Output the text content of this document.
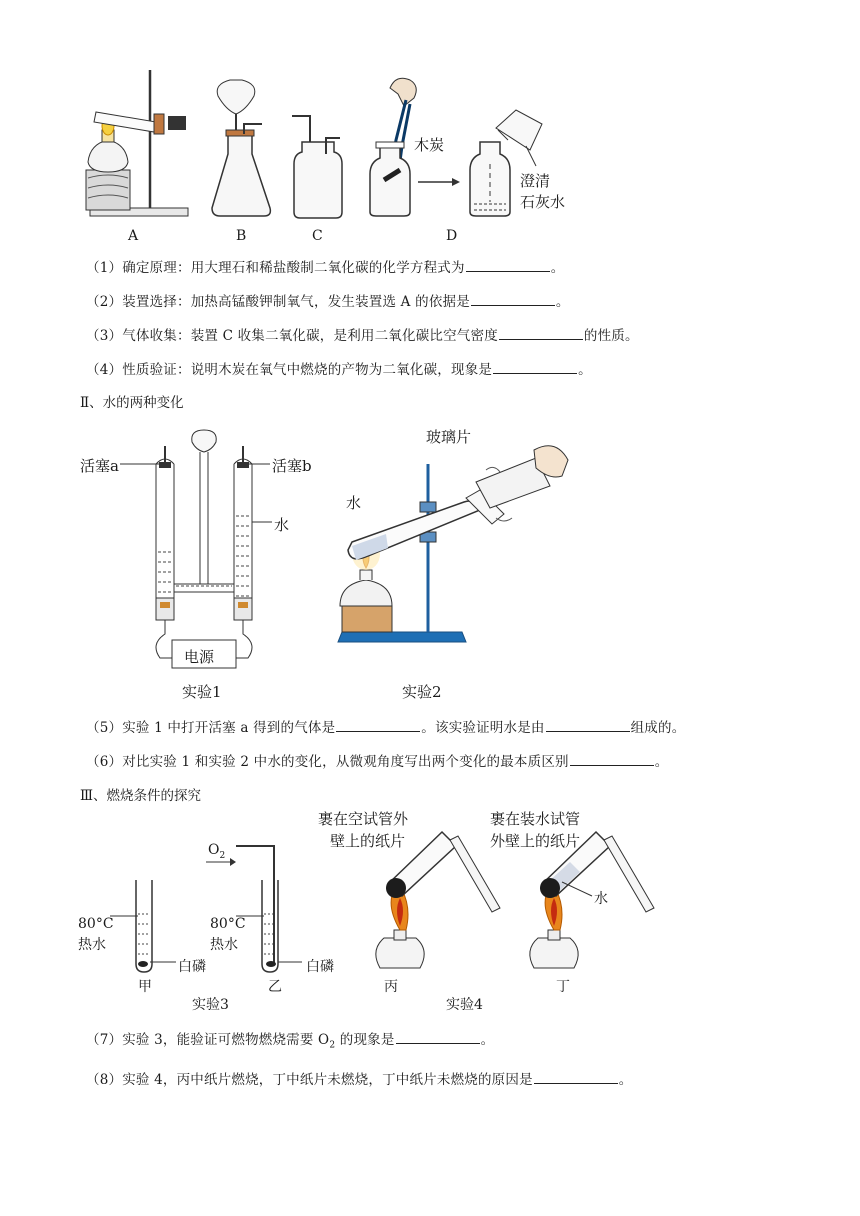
木炭
澄清
石灰水
A	B	C	D
（1）确定原理：用大理石和稀盐酸制二氧化碳的化学方程式为	。
（2）装置选择：加热高锰酸钾制氧气，发生装置选 A 的依据是	。
（3）气体收集：装置 C 收集二氧化碳，是利用二氧化碳比空气密度	的性质。
（4）性质验证：说明木炭在氧气中燃烧的产物为二氧化碳，现象是	。
Ⅱ、水的两种变化
活塞a	活塞b
水
电源
实验1
玻璃片
水
实验2
（5）实验 1 中打开活塞 a 得到的气体是	。该实验证明水是由	组成的。
（6）对比实验 1 和实验 2 中水的变化，从微观角度写出两个变化的最本质区别	。
Ⅲ、燃烧条件的探究
$O_2$
80°C
热水
白磷
80°C
热水
白磷
甲	乙
实验3
裹在空试管外
壁上的纸片
裹在装水试管
外壁上的纸片
水
丙	丁
实验4
（7）实验 3，能验证可燃物燃烧需要 $O_2$ 的现象是	。
（8）实验 4，丙中纸片燃烧，丁中纸片未燃烧，丁中纸片未燃烧的原因是	。
